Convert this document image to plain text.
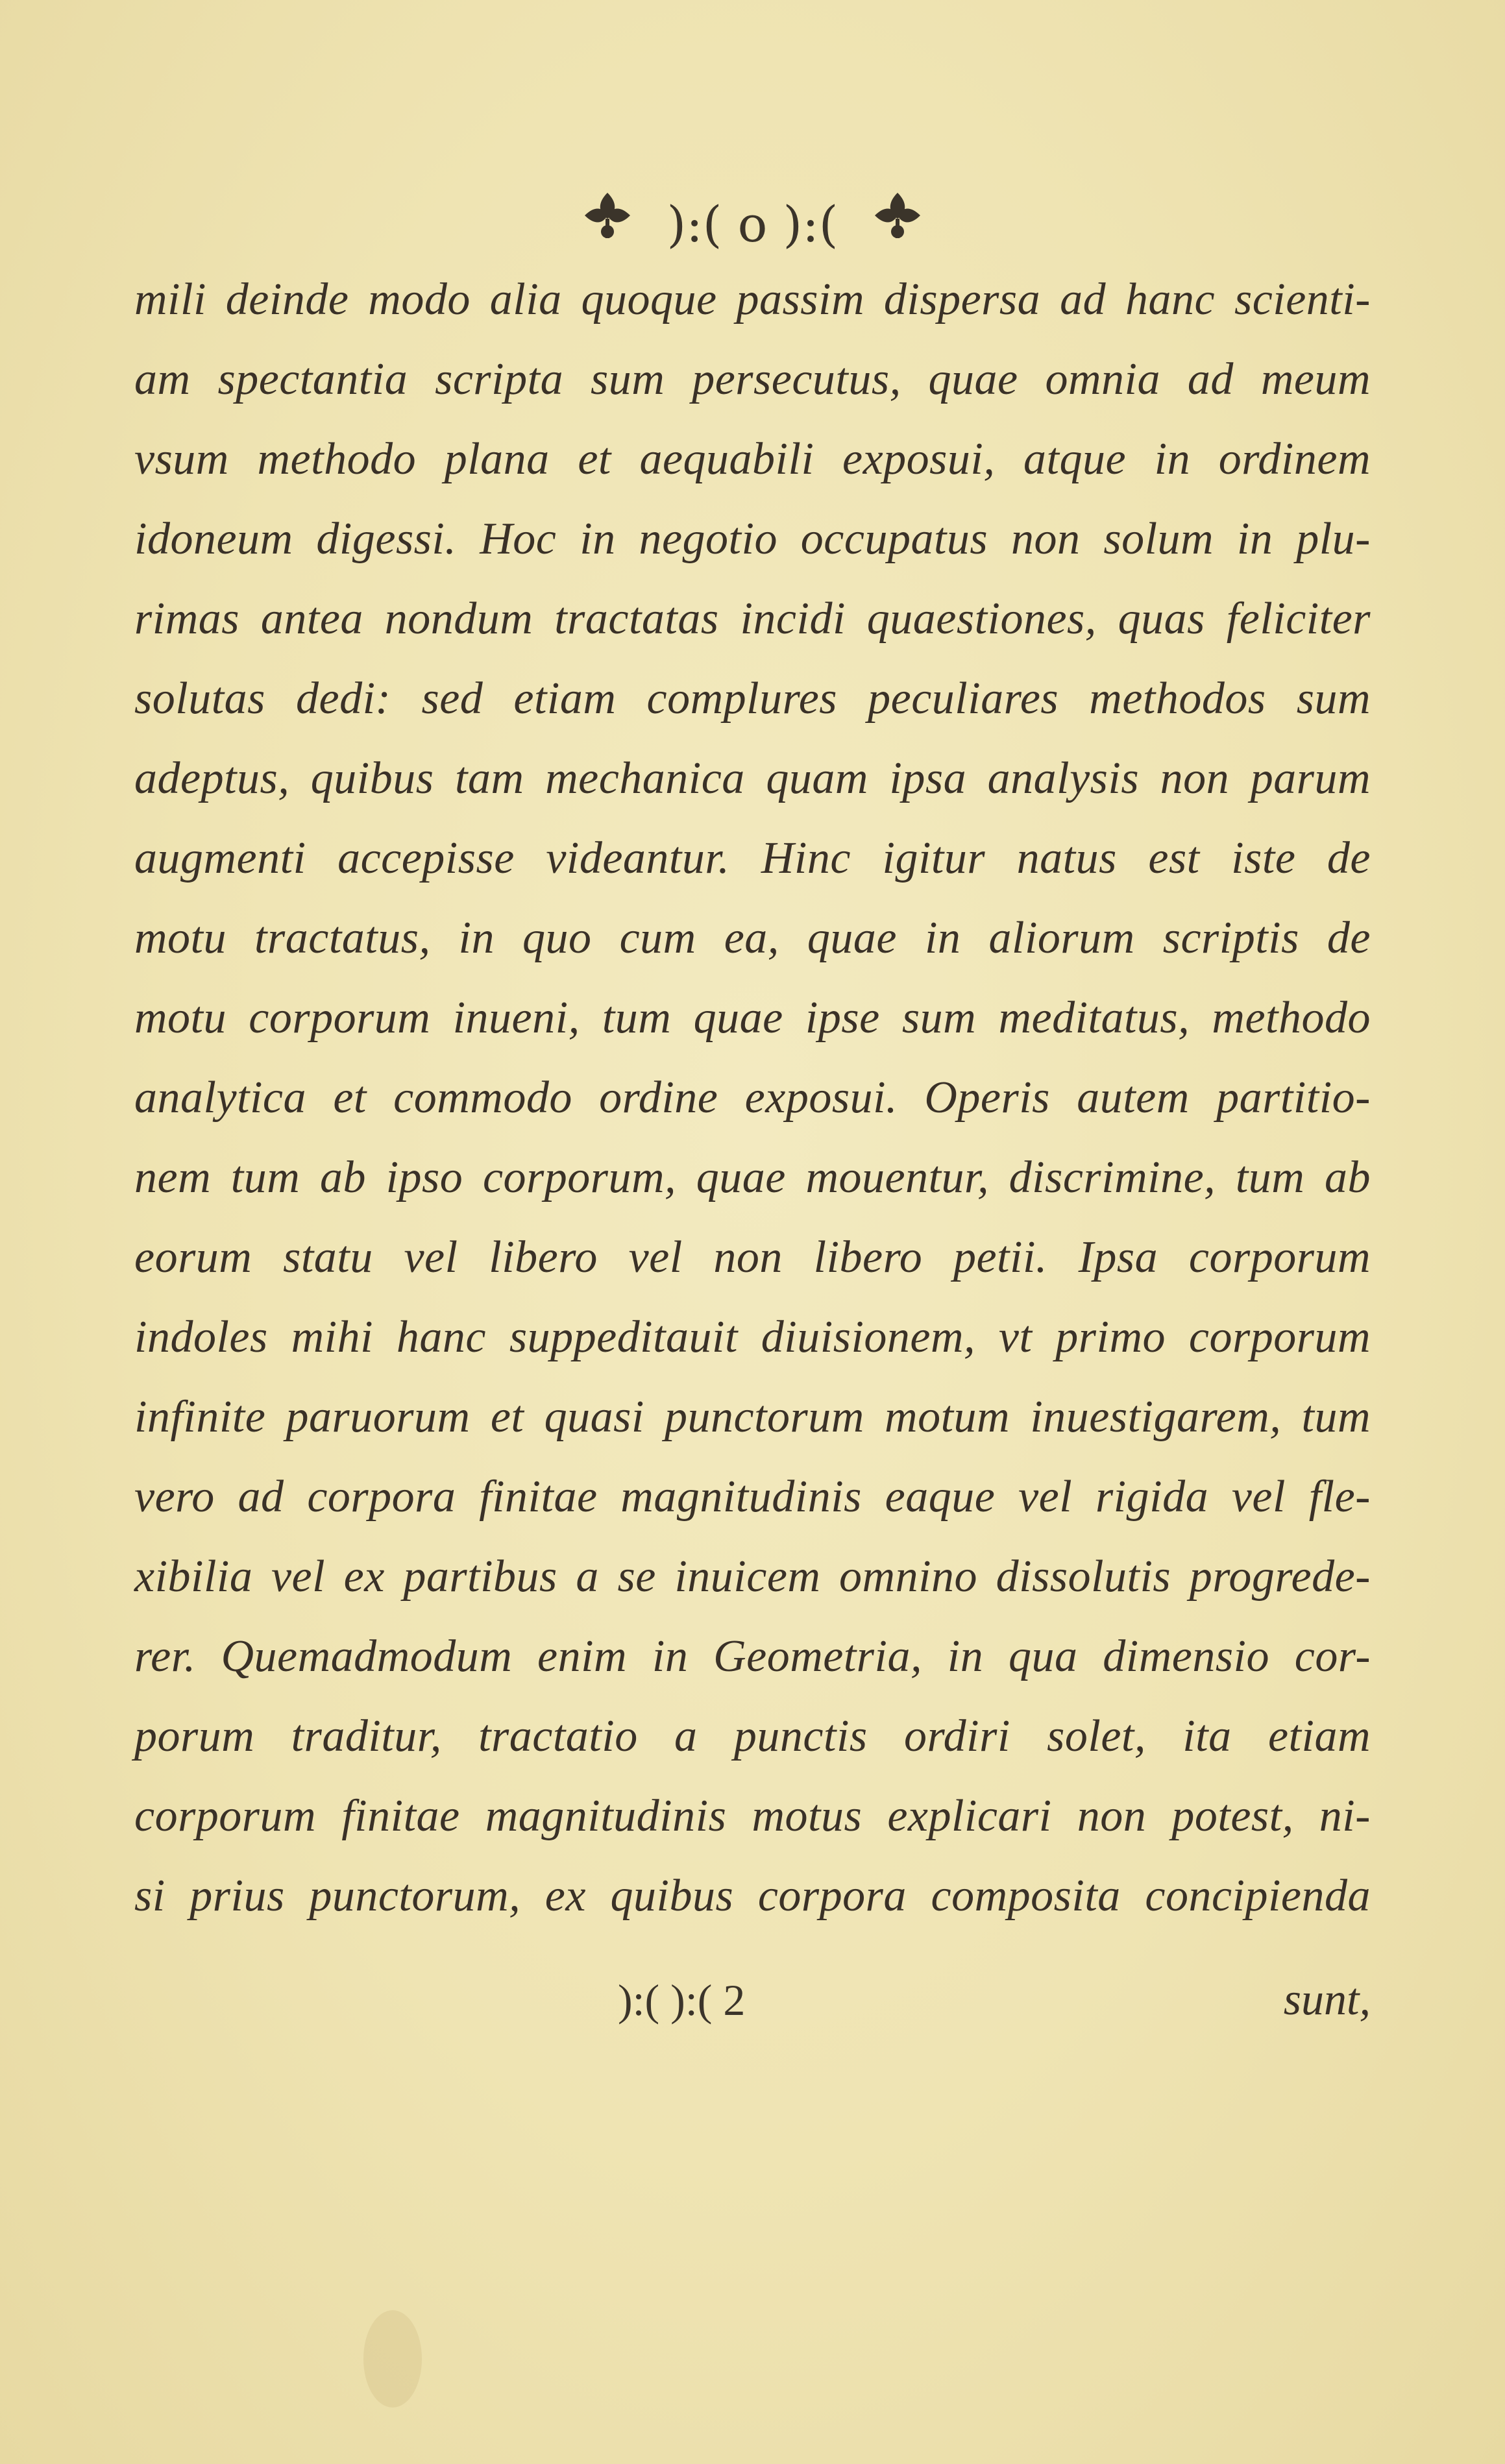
):( o ):(
mili deinde modo alia quoque passim dispersa ad hanc scienti-
am spectantia scripta sum persecutus, quae omnia ad meum
vsum methodo plana et aequabili exposui, atque in ordinem
idoneum digessi. Hoc in negotio occupatus non solum in plu-
rimas antea nondum tractatas incidi quaestiones, quas feliciter
solutas dedi: sed etiam complures peculiares methodos sum
adeptus, quibus tam mechanica quam ipsa analysis non parum
augmenti accepisse videantur. Hinc igitur natus est iste de
motu tractatus, in quo cum ea, quae in aliorum scriptis de
motu corporum inueni, tum quae ipse sum meditatus, methodo
analytica et commodo ordine exposui. Operis autem partitio-
nem tum ab ipso corporum, quae mouentur, discrimine, tum ab
eorum statu vel libero vel non libero petii. Ipsa corporum
indoles mihi hanc suppeditauit diuisionem, vt primo corporum
infinite paruorum et quasi punctorum motum inuestigarem, tum
vero ad corpora finitae magnitudinis eaque vel rigida vel fle-
xibilia vel ex partibus a se inuicem omnino dissolutis progrede-
rer. Quemadmodum enim in Geometria, in qua dimensio cor-
porum traditur, tractatio a punctis ordiri solet, ita etiam
corporum finitae magnitudinis motus explicari non potest, ni-
si prius punctorum, ex quibus corpora composita concipienda
):( ):( 2	sunt,
